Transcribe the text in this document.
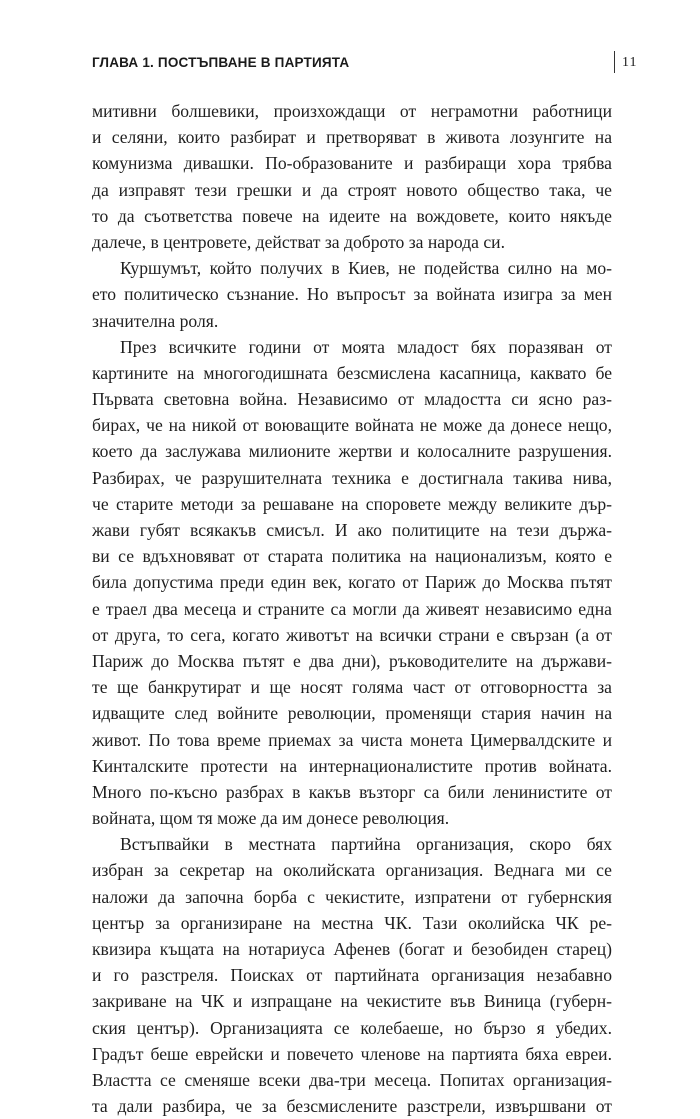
ГЛАВА 1. ПОСТЪПВАНЕ В ПАРТИЯТА	11
митивни болшевики, произхождащи от неграмотни работници
и селяни, които разбират и претворяват в живота лозунгите на
комунизма дивашки. По-образованите и разбиращи хора трябва
да изправят тези грешки и да строят новото общество така, че
то да съответства повече на идеите на вождовете, които някъде
далече, в центровете, действат за доброто за народа си.
Куршумът, който получих в Киев, не подейства силно на мо-
ето политическо съзнание. Но въпросът за войната изигра за мен
значителна роля.
През всичките години от моята младост бях поразяван от
картините на многогодишната безсмислена касапница, каквато бе
Първата световна война. Независимо от младостта си ясно раз-
бирах, че на никой от воюващите войната не може да донесе нещо,
което да заслужава милионите жертви и колосалните разрушения.
Разбирах, че разрушителната техника е достигнала такива нива,
че старите методи за решаване на споровете между великите дър-
жави губят всякакъв смисъл. И ако политиците на тези държа-
ви се вдъхновяват от старата политика на национализъм, която е
била допустима преди един век, когато от Париж до Москва пътят
е траел два месеца и страните са могли да живеят независимо една
от друга, то сега, когато животът на всички страни е свързан (а от
Париж до Москва пътят е два дни), ръководителите на държави-
те ще банкрутират и ще носят голяма част от отговорността за
идващите след войните революции, променящи стария начин на
живот. По това време приемах за чиста монета Цимервалдските и
Кинталските протести на интернационалистите против войната.
Много по-късно разбрах в какъв възторг са били ленинистите от
войната, щом тя може да им донесе революция.
Встъпвайки в местната партийна организация, скоро бях
избран за секретар на околийската организация. Веднага ми се
наложи да започна борба с чекистите, изпратени от губернския
център за организиране на местна ЧК. Тази околийска ЧК ре-
квизира къщата на нотариуса Афенев (богат и безобиден старец)
и го разстреля. Поисках от партийната организация незабавно
закриване на ЧК и изпращане на чекистите във Виница (губерн-
ския център). Организацията се колебаеше, но бързо я убедих.
Градът беше еврейски и повечето членове на партията бяха евреи.
Властта се сменяше всеки два-три месеца. Попитах организация-
та дали разбира, че за безсмислените разстрели, извършвани от
